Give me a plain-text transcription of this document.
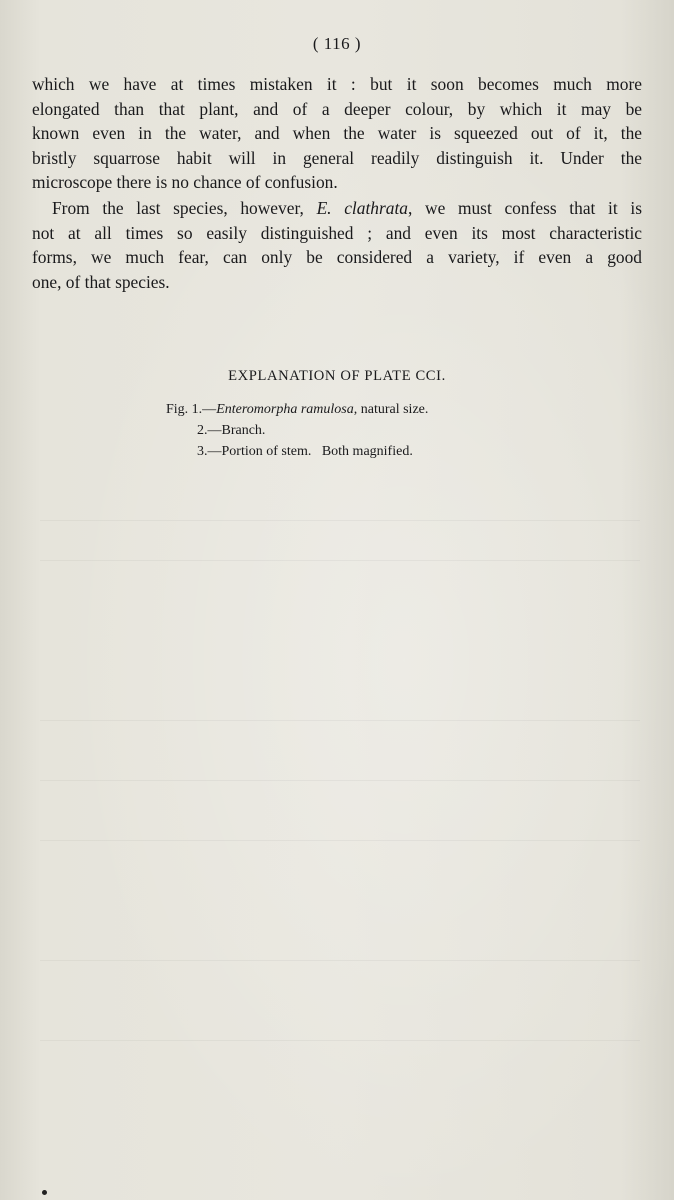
( 116 )

which we have at times mistaken it : but it soon becomes much more
elongated than that plant, and of a deeper colour, by which it may be
known even in the water, and when the water is squeezed out of it, the
bristly squarrose habit will in general readily distinguish it. Under the
microscope there is no chance of confusion.

From the last species, however, E. clathrata, we must confess that it is
not at all times so easily distinguished ; and even its most characteristic
forms, we much fear, can only be considered a variety, if even a good
one, of that species.

EXPLANATION OF PLATE CCI.
Fig. 1.—Enteromorpha ramulosa, natural size.
2.—Branch.
3.—Portion of stem.   Both magnified.
